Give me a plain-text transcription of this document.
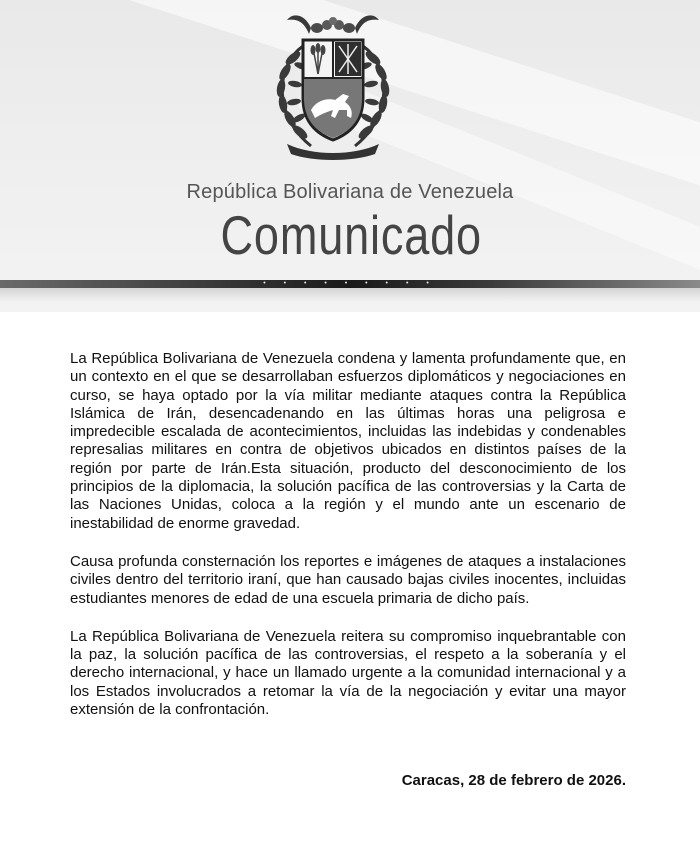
República Bolivariana de Venezuela
Comunicado
• • • • • • • • •

La República Bolivariana de Venezuela condena y lamenta profundamente que, en un contexto en el que se desarrollaban esfuerzos diplomáticos y negociaciones en curso, se haya optado por la vía militar mediante ataques contra la República Islámica de Irán, desencadenando en las últimas horas una peligrosa e impredecible escalada de acontecimientos, incluidas las indebidas y condenables represalias militares en contra de objetivos ubicados en distintos países de la región por parte de Irán.Esta situación, producto del desconocimiento de los principios de la diplomacia, la solución pacífica de las controversias y la Carta de las Naciones Unidas, coloca a la región y el mundo ante un escenario de inestabilidad de enorme gravedad.

Causa profunda consternación los reportes e imágenes de ataques a instalaciones civiles dentro del territorio iraní, que han causado bajas civiles inocentes, incluidas estudiantes menores de edad de una escuela primaria de dicho país.

La República Bolivariana de Venezuela reitera su compromiso inquebrantable con la paz, la solución pacífica de las controversias, el respeto a la soberanía y el derecho internacional, y hace un llamado urgente a la comunidad internacional y a los Estados involucrados a retomar la vía de la negociación y evitar una mayor extensión de la confrontación.

Caracas, 28 de febrero de 2026.
